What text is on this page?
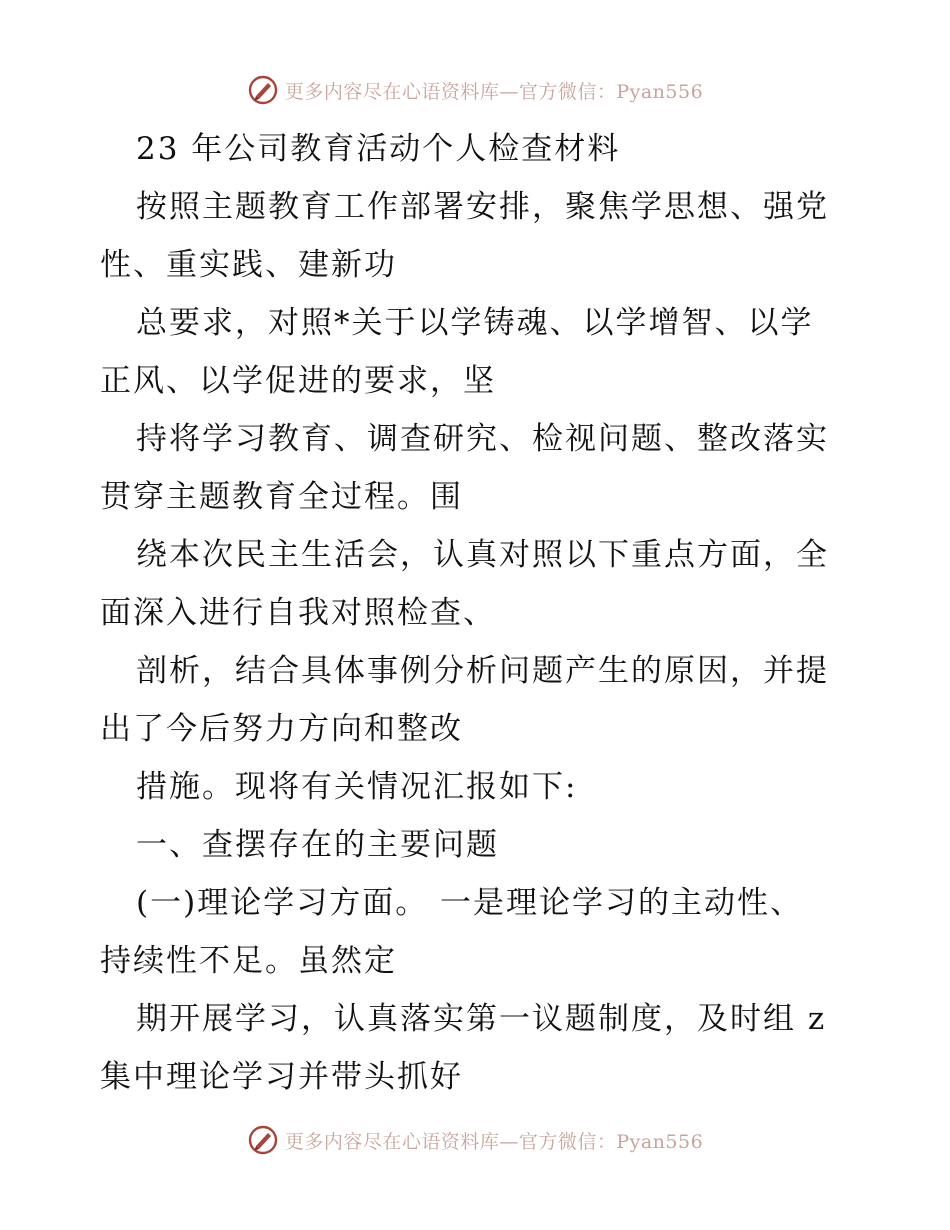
更多内容尽在心语资料库—官方微信：Pyan556
23 年公司教育活动个人检查材料
按照主题教育工作部署安排，聚焦学思想、强党
性、重实践、建新功
总要求，对照*关于以学铸魂、以学增智、以学
正风、以学促进的要求，坚
持将学习教育、调查研究、检视问题、整改落实
贯穿主题教育全过程。围
绕本次民主生活会，认真对照以下重点方面，全
面深入进行自我对照检查、
剖析，结合具体事例分析问题产生的原因，并提
出了今后努力方向和整改
措施。现将有关情况汇报如下:
一、查摆存在的主要问题
(一)理论学习方面。 一是理论学习的主动性、
持续性不足。虽然定
期开展学习，认真落实第一议题制度，及时组 z
集中理论学习并带头抓好
更多内容尽在心语资料库—官方微信：Pyan556
